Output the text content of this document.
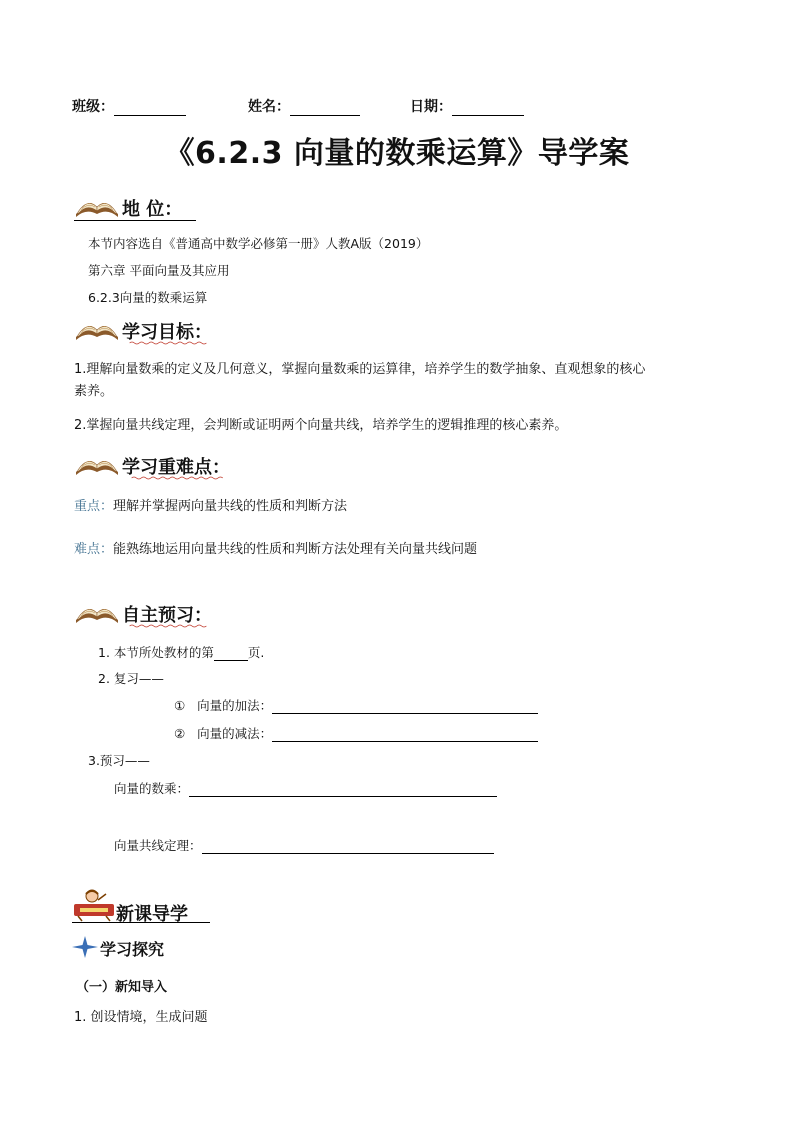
班级：	姓名：	日期：
《6.2.3 向量的数乘运算》导学案
地 位：
本节内容选自《普通高中数学必修第一册》人教A版（2019）
第六章 平面向量及其应用
6.2.3向量的数乘运算
学习目标：
1.理解向量数乘的定义及几何意义，掌握向量数乘的运算律，培养学生的数学抽象、直观想象的核心
素养。
2.掌握向量共线定理，会判断或证明两个向量共线，培养学生的逻辑推理的核心素养。
学习重难点：
重点：理解并掌握两向量共线的性质和判断方法
难点：能熟练地运用向量共线的性质和判断方法处理有关向量共线问题
自主预习：
1. 本节所处教材的第	页.
2. 复习——
① 向量的加法：
② 向量的减法：
3.预习——
向量的数乘：
向量共线定理：
新课导学
学习探究
（一）新知导入
1. 创设情境，生成问题
